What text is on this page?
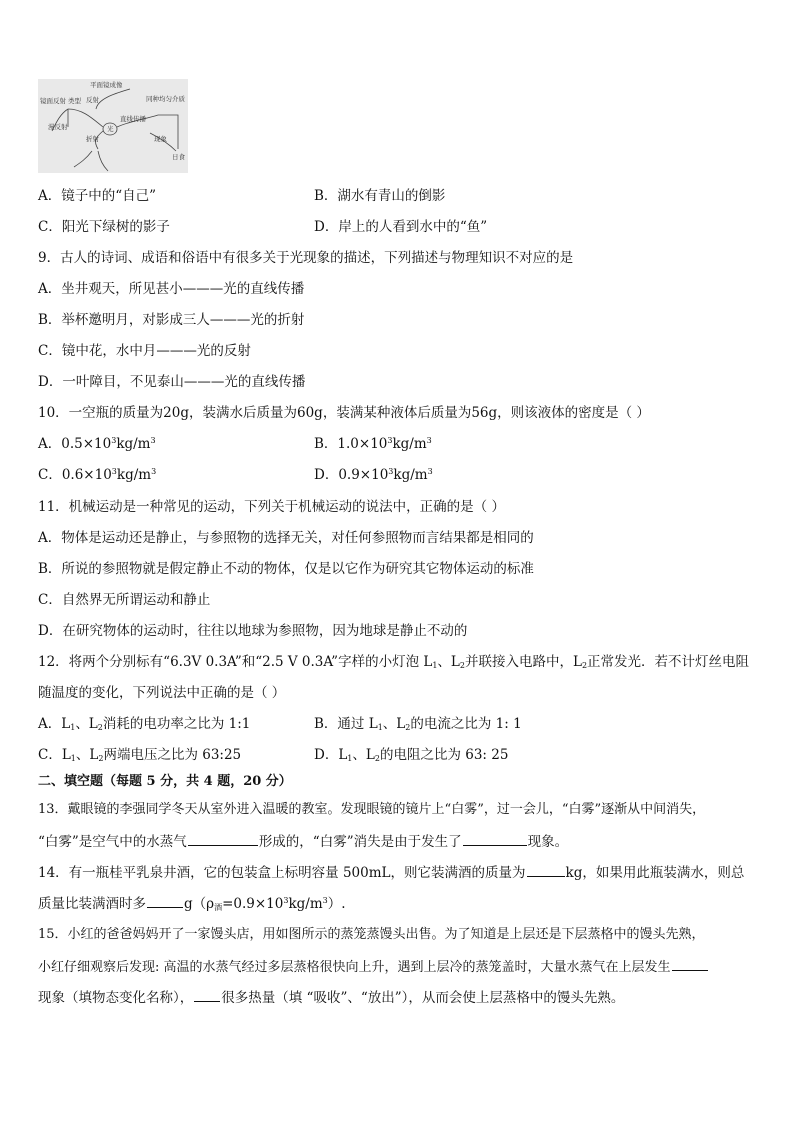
平面镜成像
镜面反射 类型 反射
漫反射	光
直线传播
同种均匀介质
折射	现象
日食
A．镜子中的“自己”	B．湖水有青山的倒影
C．阳光下绿树的影子	D．岸上的人看到水中的“鱼”
9．古人的诗词、成语和俗语中有很多关于光现象的描述，下列描述与物理知识不对应的是
A．坐井观天，所见甚小———光的直线传播
B．举杯邀明月，对影成三人———光的折射
C．镜中花，水中月———光的反射
D．一叶障目，不见泰山———光的直线传播
10．一空瓶的质量为20g，装满水后质量为60g，装满某种液体后质量为56g，则该液体的密度是（ ）
A．$0.5\times 10^3kg/m^3$	B．$1.0\times 10^3kg/m^3$
C．$0.6\times 10^3kg/m^3$	D．$0.9\times 10^3kg/m^3$
11．机械运动是一种常见的运动，下列关于机械运动的说法中，正确的是（ ）
A．物体是运动还是静止，与参照物的选择无关，对任何参照物而言结果都是相同的
B．所说的参照物就是假定静止不动的物体，仅是以它作为研究其它物体运动的标准
C．自然界无所谓运动和静止
D．在研究物体的运动时，往往以地球为参照物，因为地球是静止不动的
12．将两个分别标有“6.3V 0.3A”和“2.5 V 0.3A”字样的小灯泡 $L_1$、$L_2$并联接入电路中，$L_2$正常发光．若不计灯丝电阻
随温度的变化，下列说法中正确的是（ ）
A．$L_1$、$L_2$消耗的电功率之比为 1:1	B．通过 $L_1$、$L_2$的电流之比为 1: 1
C．$L_1$、$L_2$两端电压之比为 63:25	D．$L_1$、$L_2$的电阻之比为 63: 25
二、填空题（每题 5 分，共 4 题，20 分）
13．戴眼镜的李强同学冬天从室外进入温暖的教室。发现眼镜的镜片上“白雾”，过一会儿，“白雾”逐渐从中间消失，
“白雾”是空气中的水蒸气	形成的，“白雾”消失是由于发生了	现象。
14．有一瓶桂平乳泉井酒，它的包装盒上标明容量 500mL，则它装满酒的质量为	kg，如果用此瓶装满水，则总
质量比装满酒时多	$g(\rho_酒=0.9\times 10^3kg/m^3)$.
15．小红的爸爸妈妈开了一家馒头店，用如图所示的蒸笼蒸馒头出售。为了知道是上层还是下层蒸格中的馒头先熟，
小红仔细观察后发现: 高温的水蒸气经过多层蒸格很快向上升，遇到上层冷的蒸笼盖时，大量水蒸气在上层发生
现象（填物态变化名称）， 很多热量（填 “吸收”、“放出”），从而会使上层蒸格中的馒头先熟。
